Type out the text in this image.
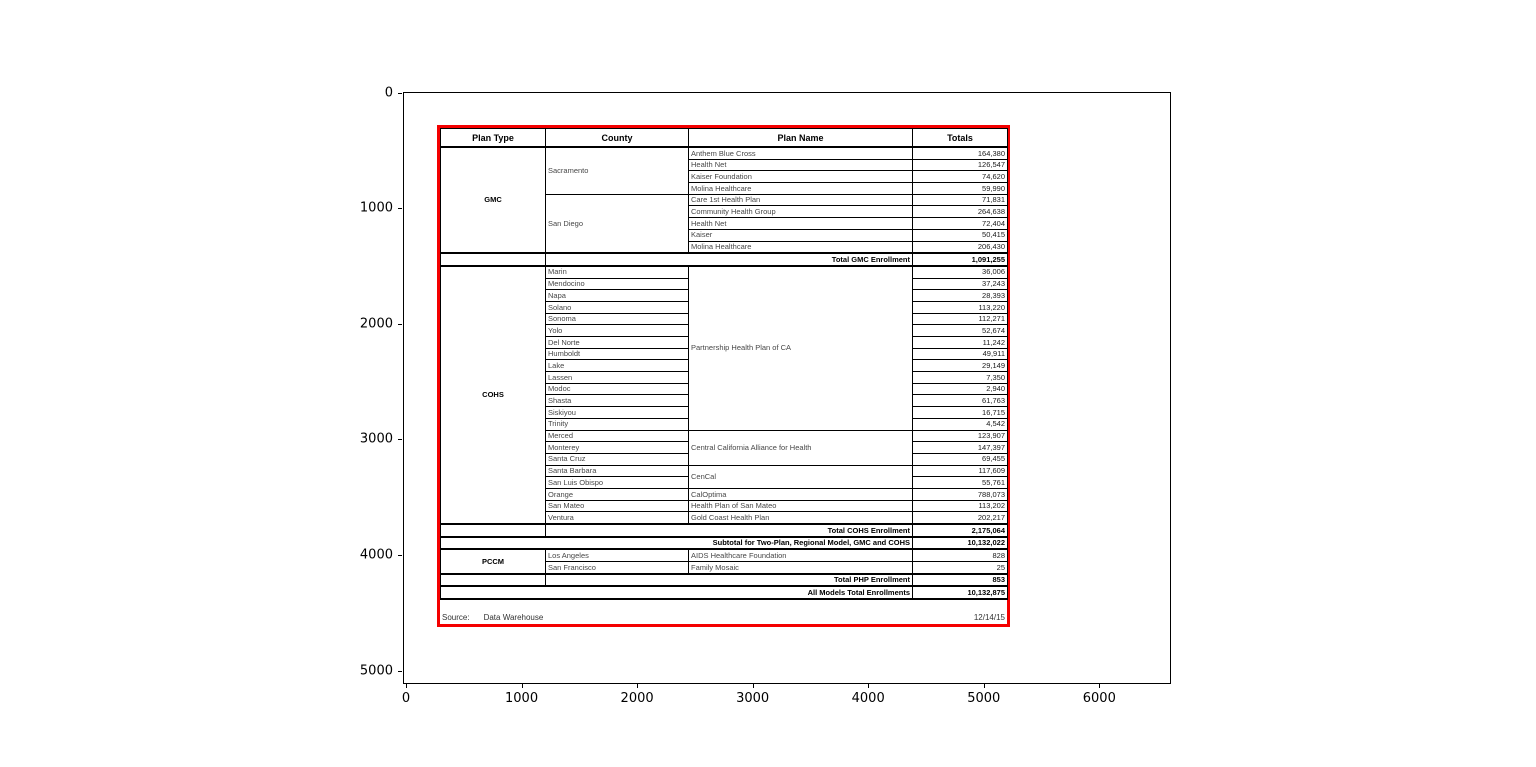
0	1000	2000	3000	4000	5000	6000
0
1000
2000
3000
4000
5000
Plan Type	County	Plan Name	Totals
GMC	Sacramento	Anthem Blue Cross	164,380
		Health Net	126,547
		Kaiser Foundation	74,620
		Molina Healthcare	59,990
	San Diego	Care 1st Health Plan	71,831
		Community Health Group	264,638
		Health Net	72,404
		Kaiser	50,415
		Molina Healthcare	206,430
	Total GMC Enrollment		1,091,255
COHS	Marin	Partnership Health Plan of CA	36,006
	Mendocino		37,243
	Napa		28,393
	Solano		113,220
	Sonoma		112,271
	Yolo		52,674
	Del Norte		11,242
	Humboldt		49,911
	Lake		29,149
	Lassen		7,350
	Modoc		2,940
	Shasta		61,763
	Siskiyou		16,715
	Trinity		4,542
	Merced	Central California Alliance for Health	123,907
	Monterey		147,397
	Santa Cruz		69,455
	Santa Barbara	CenCal	117,609
	San Luis Obispo		55,761
	Orange	CalOptima	788,073
	San Mateo	Health Plan of San Mateo	113,202
	Ventura	Gold Coast Health Plan	202,217
	Total COHS Enrollment		2,175,064
Subtotal for Two-Plan, Regional Model, GMC and COHS			10,132,022
PCCM	Los Angeles	AIDS Healthcare Foundation	828
	San Francisco	Family Mosaic	25
	Total PHP Enrollment		853
All Models Total Enrollments			10,132,875
Source: Data Warehouse	12/14/15
